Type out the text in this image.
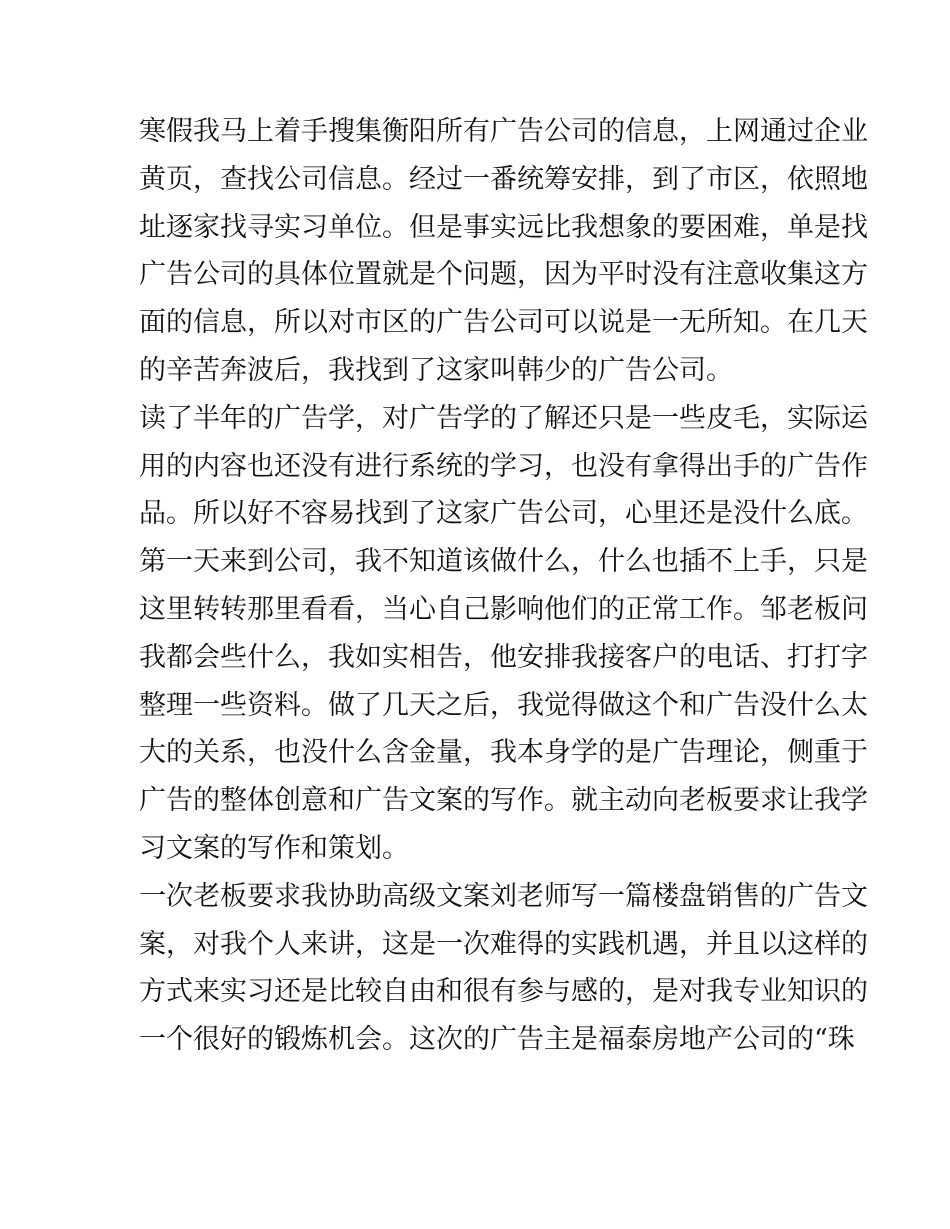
寒假我马上着手搜集衡阳所有广告公司的信息，上网通过企业
黄页，查找公司信息。经过一番统筹安排，到了市区，依照地
址逐家找寻实习单位。但是事实远比我想象的要困难，单是找
广告公司的具体位置就是个问题，因为平时没有注意收集这方
面的信息，所以对市区的广告公司可以说是一无所知。在几天
的辛苦奔波后，我找到了这家叫韩少的广告公司。
读了半年的广告学，对广告学的了解还只是一些皮毛，实际运
用的内容也还没有进行系统的学习，也没有拿得出手的广告作
品。所以好不容易找到了这家广告公司，心里还是没什么底。
第一天来到公司，我不知道该做什么，什么也插不上手，只是
这里转转那里看看，当心自己影响他们的正常工作。邹老板问
我都会些什么，我如实相告，他安排我接客户的电话、打打字
整理一些资料。做了几天之后，我觉得做这个和广告没什么太
大的关系，也没什么含金量，我本身学的是广告理论，侧重于
广告的整体创意和广告文案的写作。就主动向老板要求让我学
习文案的写作和策划。
一次老板要求我协助高级文案刘老师写一篇楼盘销售的广告文
案，对我个人来讲，这是一次难得的实践机遇，并且以这样的
方式来实习还是比较自由和很有参与感的，是对我专业知识的
一个很好的锻炼机会。这次的广告主是福泰房地产公司的“珠
